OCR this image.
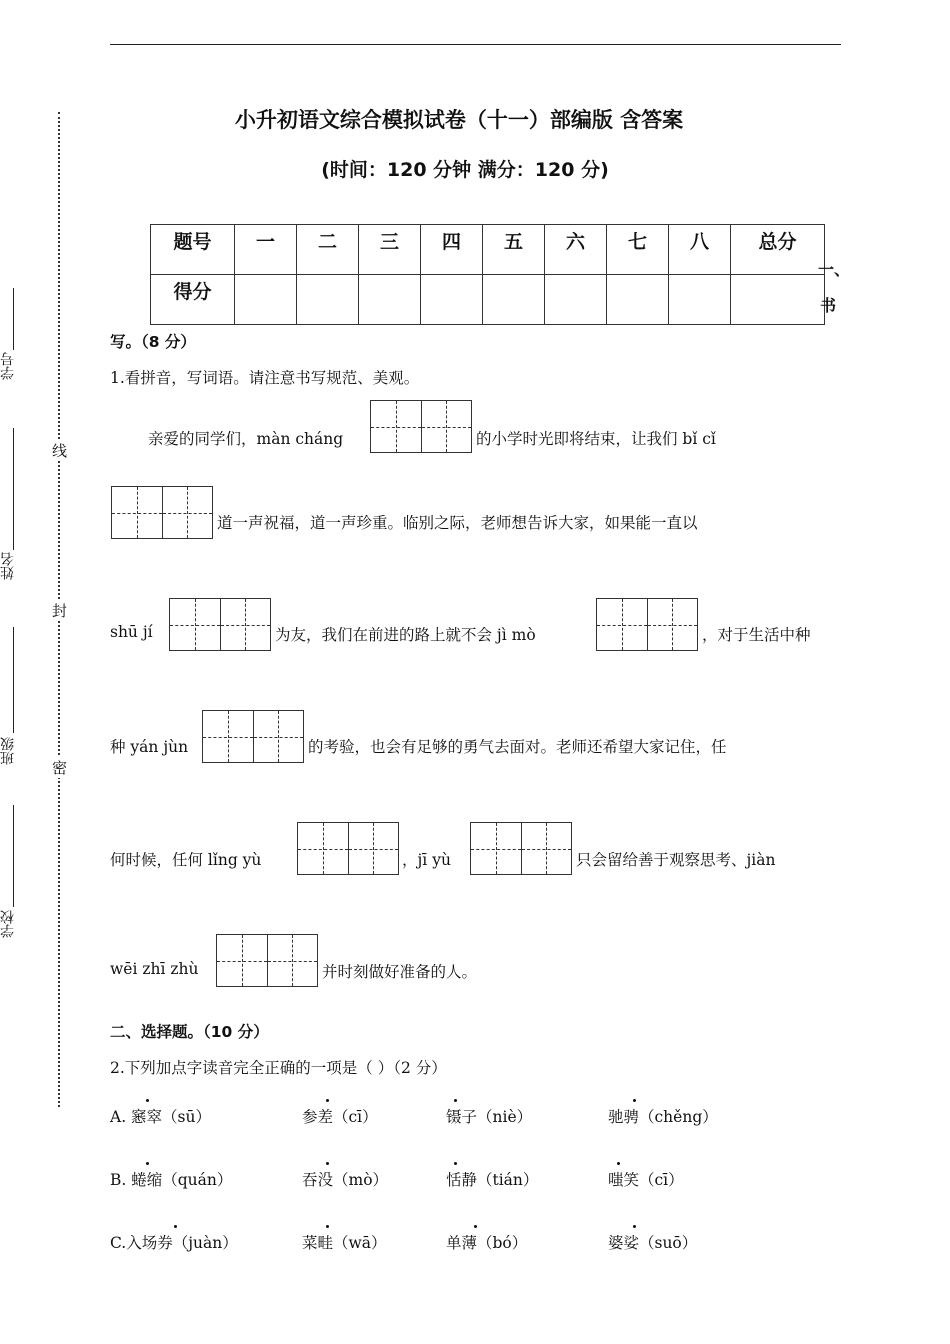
线
封
密
学号
姓名
班级
学校
小升初语文综合模拟试卷（十一）部编版 含答案
(时间：120 分钟 满分：120 分)
题号	一	二	三	四	五	六	七	八	总分
得分									
一、
书
写。（8 分）
1.看拼音，写词语。请注意书写规范、美观。
亲爱的同学们，màn cháng	的小学时光即将结束，让我们 bǐ cǐ
道一声祝福，道一声珍重。临别之际，老师想告诉大家，如果能一直以
shū jí	为友，我们在前进的路上就不会 jì mò	，对于生活中种
种 yán jùn	的考验，也会有足够的勇气去面对。老师还希望大家记住，任
何时候，任何 lǐng yù	，jī yù	只会留给善于观察思考、jiàn
wēi zhī zhù	并时刻做好准备的人。
二、选择题。（10 分）
2.下列加点字读音完全正确的一项是（ ）（2 分）
A. 窸窣（sū）	参差（cī）	镊子（niè）	驰骋（chěng）
B. 蜷缩（quán）	吞没（mò）	恬静（tián）	嗤笑（cī）
C.入场券（juàn）	菜畦（wā）	单薄（bó）	婆娑（suō）
